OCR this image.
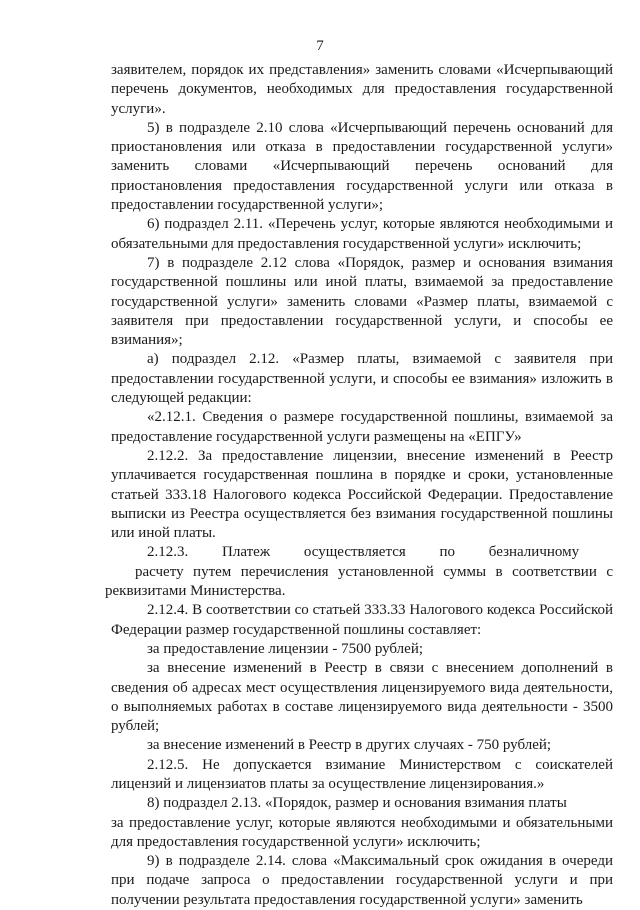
7

заявителем, порядок их представления» заменить словами «Исчерпывающий перечень документов, необходимых для предоставления государственной услуги».

5) в подразделе 2.10 слова «Исчерпывающий перечень оснований для приостановления или отказа в предоставлении государственной услуги» заменить словами «Исчерпывающий перечень оснований для приостановления предоставления государственной услуги или отказа в предоставлении государственной услуги»;

6) подраздел 2.11. «Перечень услуг, которые являются необходимыми и обязательными для предоставления государственной услуги» исключить;

7) в подразделе 2.12 слова «Порядок, размер и основания взимания государственной пошлины или иной платы, взимаемой за предоставление государственной услуги» заменить словами «Размер платы, взимаемой с заявителя при предоставлении государственной услуги, и способы ее взимания»;

а) подраздел 2.12. «Размер платы, взимаемой с заявителя при предоставлении государственной услуги, и способы ее взимания» изложить в следующей редакции:

«2.12.1. Сведения о размере государственной пошлины, взимаемой за предоставление государственной услуги размещены на «ЕПГУ»

2.12.2. За предоставление лицензии, внесение изменений в Реестр уплачивается государственная пошлина в порядке и сроки, установленные статьей 333.18 Налогового кодекса Российской Федерации. Предоставление выписки из Реестра осуществляется без взимания государственной пошлины или иной платы.

2.12.3. Платеж осуществляется по безналичному
расчету путем перечисления установленной суммы в соответствии с реквизитами Министерства.

2.12.4. В соответствии со статьей 333.33 Налогового кодекса Российской Федерации размер государственной пошлины составляет:

за предоставление лицензии - 7500 рублей;

за внесение изменений в Реестр в связи с внесением дополнений в сведения об адресах мест осуществления лицензируемого вида деятельности, о выполняемых работах в составе лицензируемого вида деятельности - 3500 рублей;

за внесение изменений в Реестр в других случаях - 750 рублей;

2.12.5. Не допускается взимание Министерством с соискателей лицензий и лицензиатов платы за осуществление лицензирования.»

8) подраздел 2.13. «Порядок, размер и основания взимания платы

за предоставление услуг, которые являются необходимыми и обязательными для предоставления государственной услуги» исключить;

9) в подразделе 2.14. слова «Максимальный срок ожидания в очереди при подаче запроса о предоставлении государственной услуги и при получении результата предоставления государственной услуги» заменить
